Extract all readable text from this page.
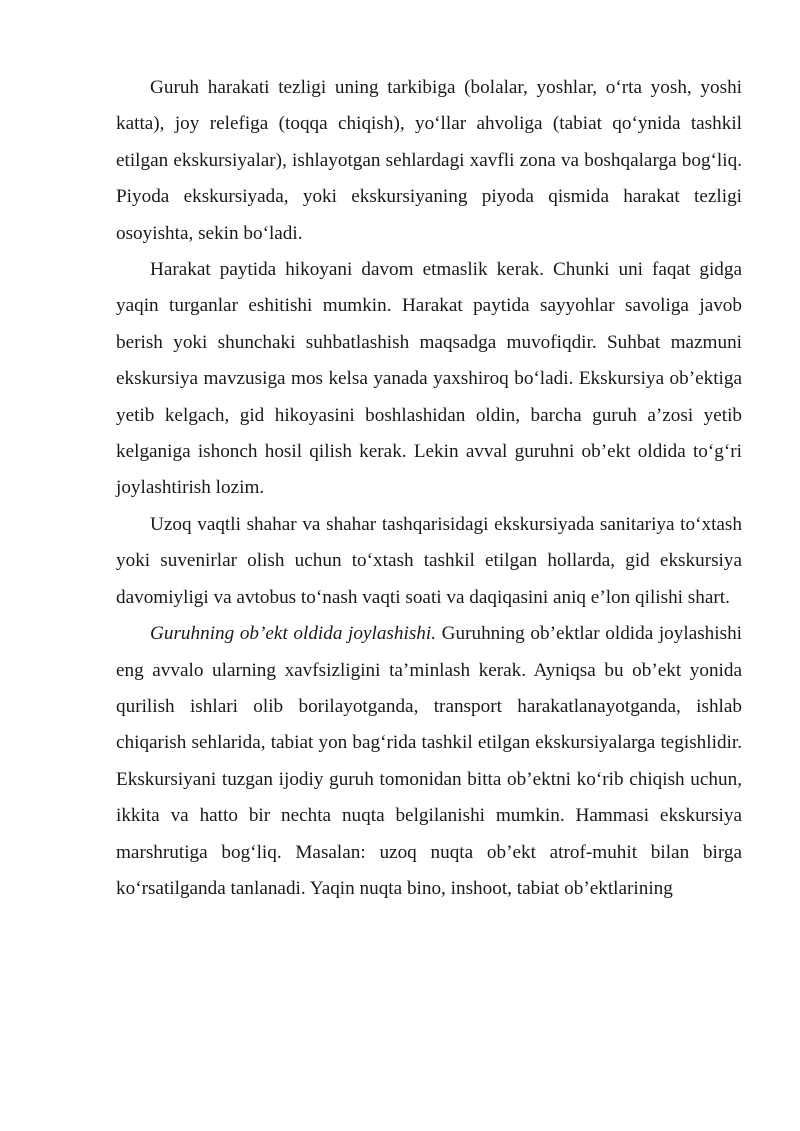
Guruh harakati tezligi uning tarkibiga (bolalar, yoshlar, o‘rta yosh, yoshi katta), joy relefiga (toqqa chiqish), yo‘llar ahvoliga (tabiat qo‘ynida tashkil etilgan ekskursiyalar), ishlayotgan sehlardagi xavfli zona va boshqalarga bog‘liq. Piyoda ekskursiyada, yoki ekskursiyaning piyoda qismida harakat tezligi osoyishta, sekin bo‘ladi.

Harakat paytida hikoyani davom etmaslik kerak. Chunki uni faqat gidga yaqin turganlar eshitishi mumkin. Harakat paytida sayyohlar savoliga javob berish yoki shunchaki suhbatlashish maqsadga muvofiqdir. Suhbat mazmuni ekskursiya mavzusiga mos kelsa yanada yaxshiroq bo‘ladi. Ekskursiya ob’ektiga yetib kelgach, gid hikoyasini boshlashidan oldin, barcha guruh a’zosi yetib kelganiga ishonch hosil qilish kerak. Lekin avval guruhni ob’ekt oldida to‘g‘ri joylashtirish lozim.

Uzoq vaqtli shahar va shahar tashqarisidagi ekskursiyada sanitariya to‘xtash yoki suvenirlar olish uchun to‘xtash tashkil etilgan hollarda, gid ekskursiya davomiyligi va avtobus to‘nash vaqti soati va daqiqasini aniq e’lon qilishi shart.

Guruhning ob’ekt oldida joylashishi. Guruhning ob’ektlar oldida joylashishi eng avvalo ularning xavfsizligini ta’minlash kerak. Ayniqsa bu ob’ekt yonida qurilish ishlari olib borilayotganda, transport harakatlanayotganda, ishlab chiqarish sehlarida, tabiat yon bag‘rida tashkil etilgan ekskursiyalarga tegishlidir. Ekskursiyani tuzgan ijodiy guruh tomonidan bitta ob’ektni ko‘rib chiqish uchun, ikkita va hatto bir nechta nuqta belgilanishi mumkin. Hammasi ekskursiya marshrutiga bog‘liq. Masalan: uzoq nuqta ob’ekt atrof-muhit bilan birga ko‘rsatilganda tanlanadi. Yaqin nuqta bino, inshoot, tabiat ob’ektlarining
